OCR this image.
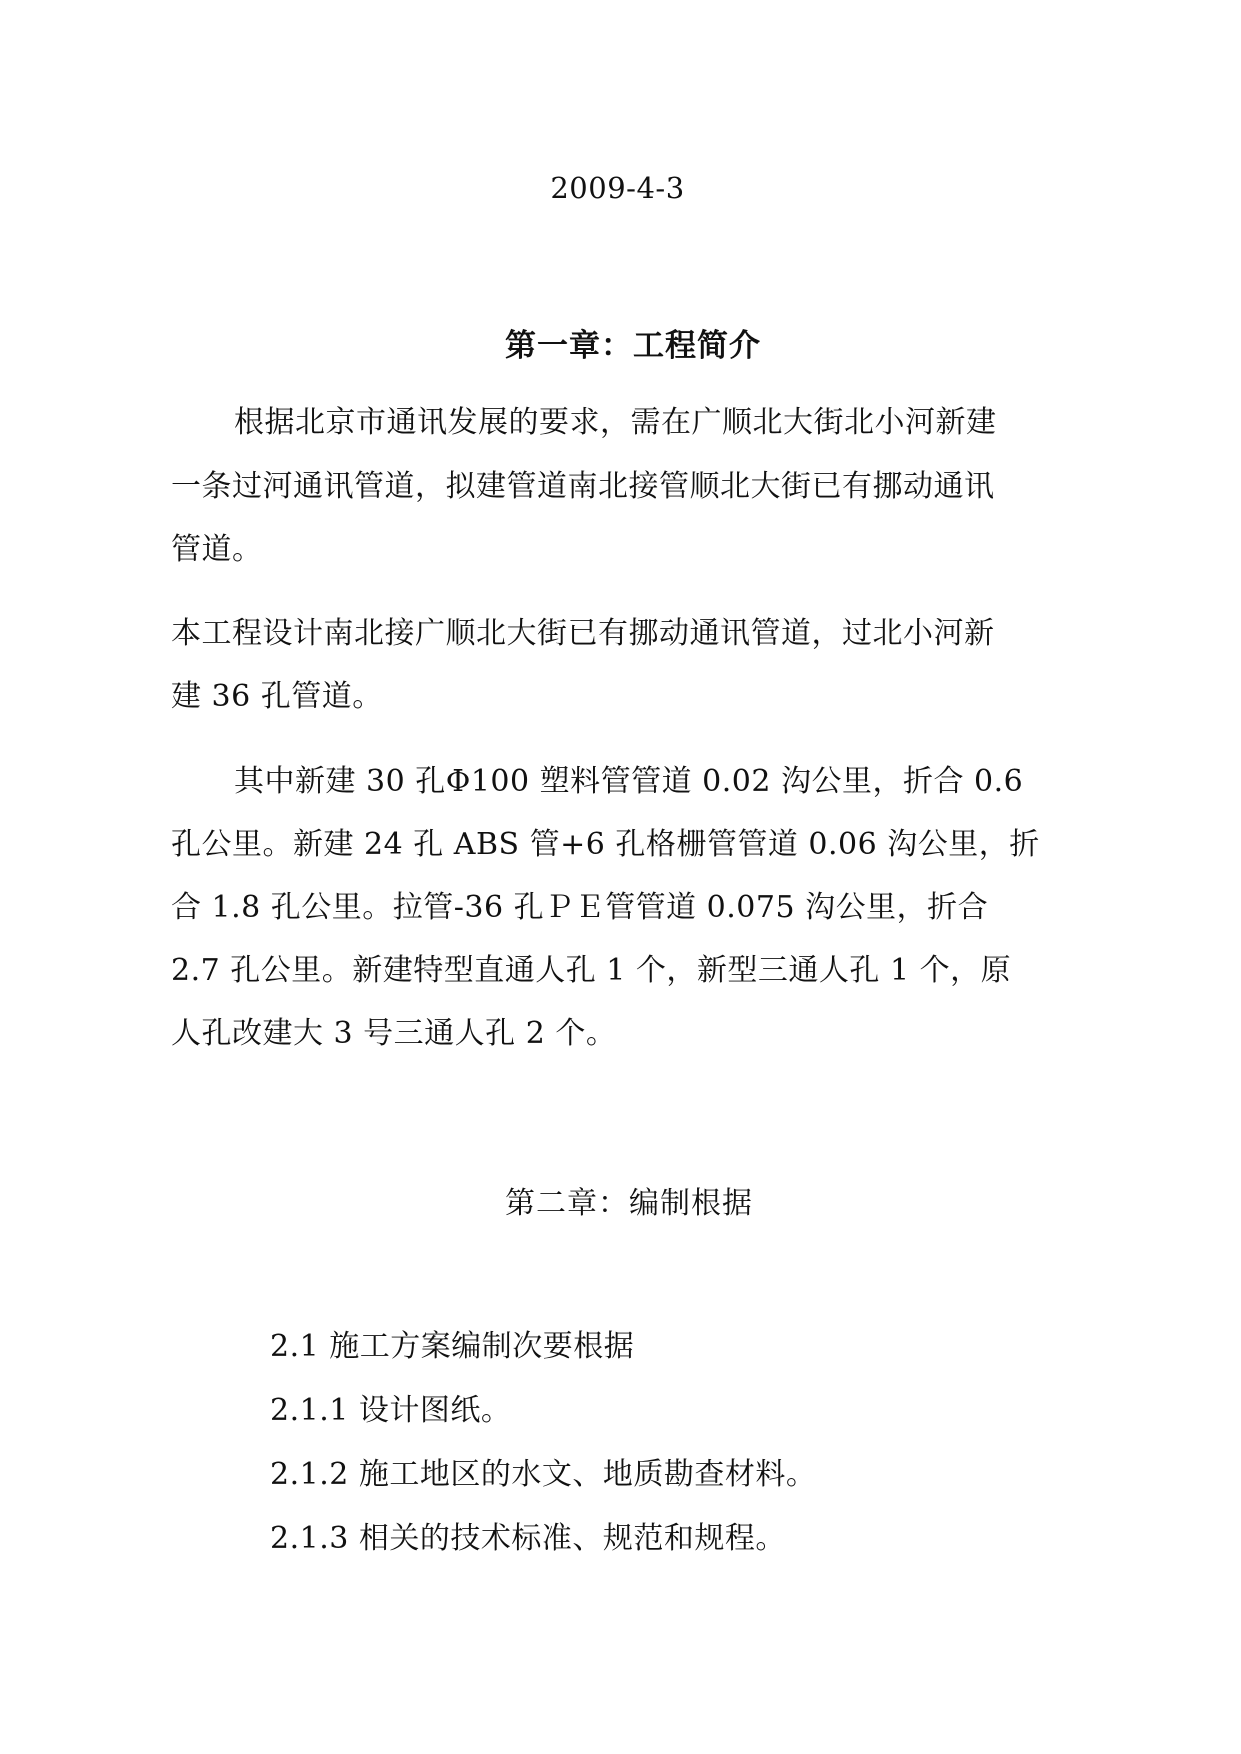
2009-4-3
第一章：工程简介
根据北京市通讯发展的要求，需在广顺北大街北小河新建
一条过河通讯管道，拟建管道南北接管顺北大街已有挪动通讯
管道。
本工程设计南北接广顺北大街已有挪动通讯管道，过北小河新
建 36 孔管道。
其中新建 30 孔Φ100 塑料管管道 0.02 沟公里，折合 0.6
孔公里。新建 24 孔 ABS 管+6 孔格栅管管道 0.06 沟公里，折
合 1.8 孔公里。拉管-36 孔ＰＥ管管道 0.075 沟公里，折合
2.7 孔公里。新建特型直通人孔 1 个，新型三通人孔 1 个，原
人孔改建大 3 号三通人孔 2 个。
第二章：编制根据
2.1 施工方案编制次要根据
2.1.1 设计图纸。
2.1.2 施工地区的水文、地质勘查材料。
2.1.3 相关的技术标准、规范和规程。
